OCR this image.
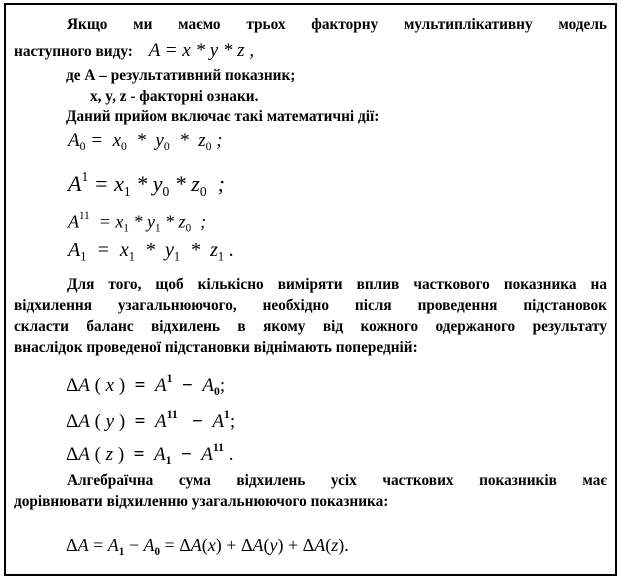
Якщо ми маємо трьох факторну мультиплікативну модель

наступного виду: A = x * y * z ,

де А – результативний показник;

x, y, z - факторні ознаки.

Даний прийом включає такі математичні дії:

$A_0 = x_0 * y_0 * z_0$ ;
$A^1 = x_1 * y_0 * z_0$  ;
$A^{11} = x_1 * y_1 * z_0$  ;
$A_1 = x_1 * y_1 * z_1$ .

Для того, щоб кількісно виміряти вплив часткового показника на

відхилення узагальнюючого, необхідно після проведення підстановок

скласти баланс відхилень в якому від кожного одержаного результату

внаслідок проведеної підстановки віднімають попередній:

ΔA ( x )  =  $A^1 - A_0$;
ΔA ( y )  =  $A^{11} - A^1$;
ΔA ( z )  =  $A_1 - A^{11}$ .

Алгебраїчна сума відхилень усіх часткових показників має

дорівнювати відхиленню узагальнюючого показника:

$\Delta A = A_1 - A_0 = \Delta A(x) + \Delta A(y) + \Delta A(z)$.
